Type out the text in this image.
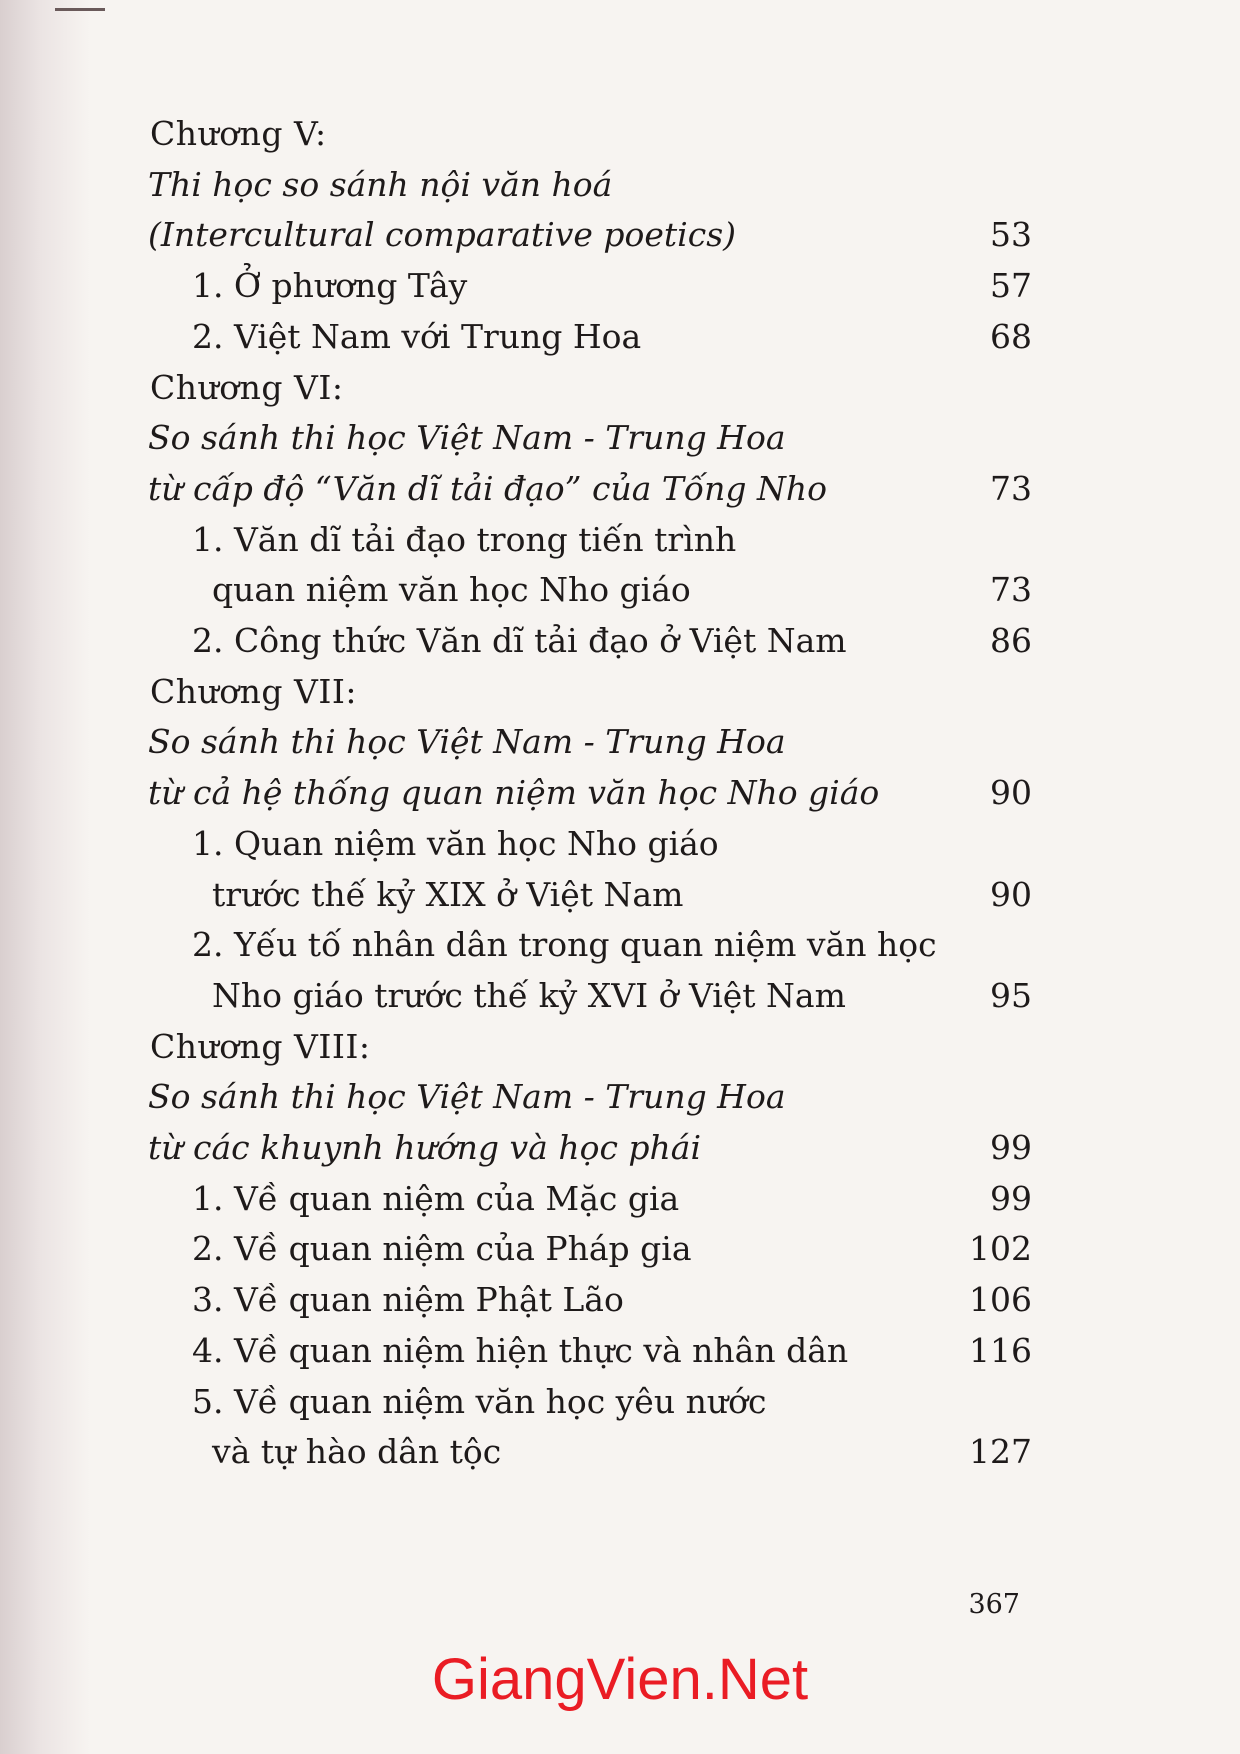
Chương V:
Thi học so sánh nội văn hoá
(Intercultural comparative poetics)	53
1. Ở phương Tây	57
2. Việt Nam với Trung Hoa	68
Chương VI:
So sánh thi học Việt Nam - Trung Hoa
từ cấp độ “Văn dĩ tải đạo” của Tống Nho	73
1. Văn dĩ tải đạo trong tiến trình
quan niệm văn học Nho giáo	73
2. Công thức Văn dĩ tải đạo ở Việt Nam	86
Chương VII:
So sánh thi học Việt Nam - Trung Hoa
từ cả hệ thống quan niệm văn học Nho giáo	90
1. Quan niệm văn học Nho giáo
trước thế kỷ XIX ở Việt Nam	90
2. Yếu tố nhân dân trong quan niệm văn học
Nho giáo trước thế kỷ XVI ở Việt Nam	95
Chương VIII:
So sánh thi học Việt Nam - Trung Hoa
từ các khuynh hướng và học phái	99
1. Về quan niệm của Mặc gia	99
2. Về quan niệm của Pháp gia	102
3. Về quan niệm Phật Lão	106
4. Về quan niệm hiện thực và nhân dân	116
5. Về quan niệm văn học yêu nước
và tự hào dân tộc	127
367
GiangVien.Net
